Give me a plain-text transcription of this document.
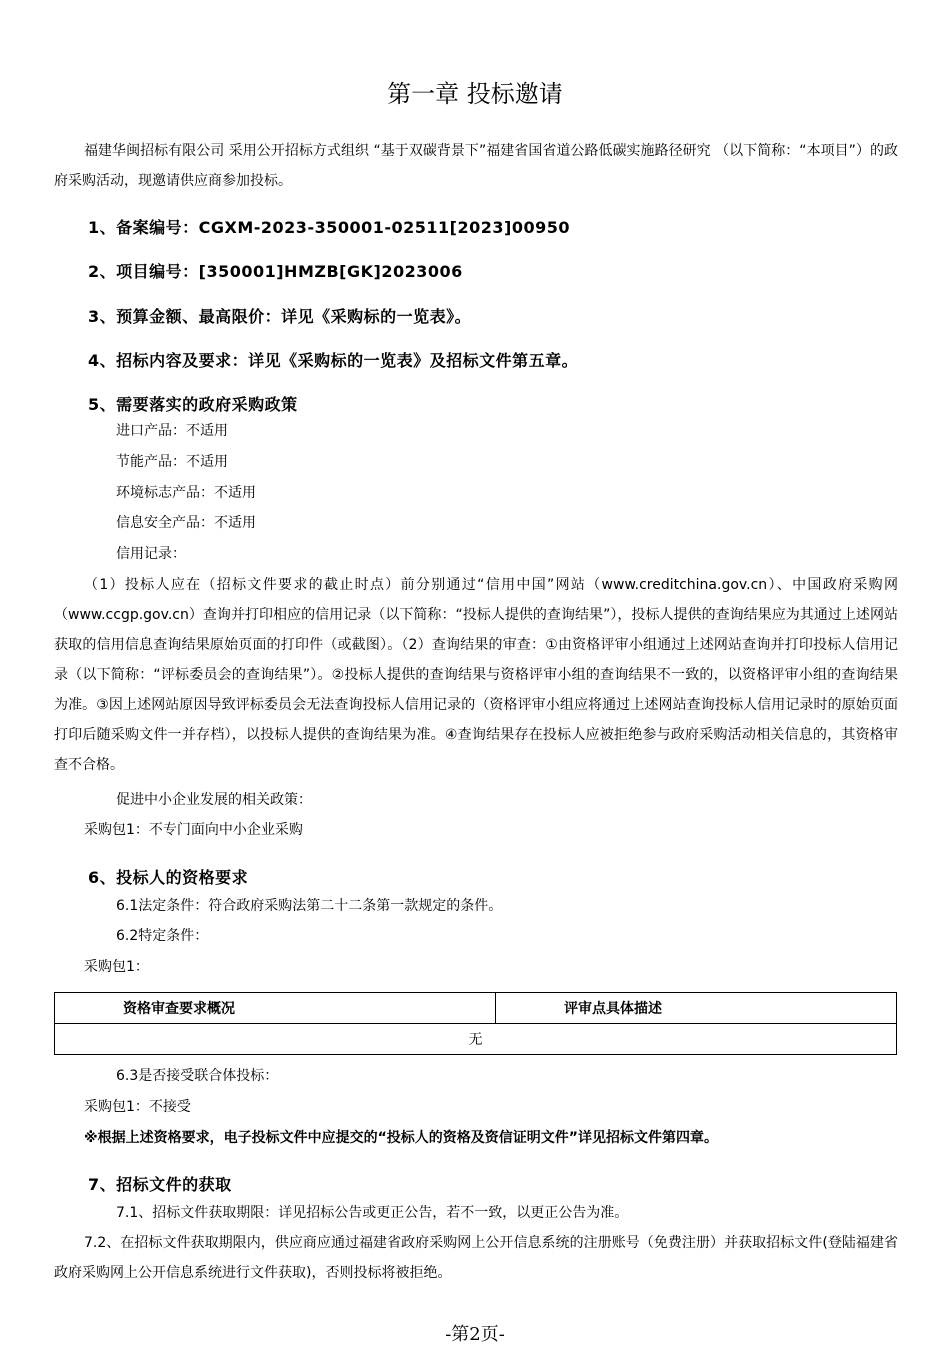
第一章 投标邀请
福建华闽招标有限公司 采用公开招标方式组织 “基于双碳背景下”福建省国省道公路低碳实施路径研究 （以下简称：“本项目”）的政府采购活动，现邀请供应商参加投标。
1、备案编号：CGXM-2023-350001-02511[2023]00950
2、项目编号：[350001]HMZB[GK]2023006
3、预算金额、最高限价：详见《采购标的一览表》。
4、招标内容及要求：详见《采购标的一览表》及招标文件第五章。
5、需要落实的政府采购政策
进口产品：不适用
节能产品：不适用
环境标志产品：不适用
信息安全产品：不适用
信用记录：
（1）投标人应在（招标文件要求的截止时点）前分别通过“信用中国”网站（www.creditchina.gov.cn）、中国政府采购网（www.ccgp.gov.cn）查询并打印相应的信用记录（以下简称：“投标人提供的查询结果”），投标人提供的查询结果应为其通过上述网站获取的信用信息查询结果原始页面的打印件（或截图）。（2）查询结果的审查：①由资格评审小组通过上述网站查询并打印投标人信用记录（以下简称：“评标委员会的查询结果”）。②投标人提供的查询结果与资格评审小组的查询结果不一致的，以资格评审小组的查询结果为准。③因上述网站原因导致评标委员会无法查询投标人信用记录的（资格评审小组应将通过上述网站查询投标人信用记录时的原始页面打印后随采购文件一并存档），以投标人提供的查询结果为准。④查询结果存在投标人应被拒绝参与政府采购活动相关信息的，其资格审查不合格。
促进中小企业发展的相关政策：
采购包1：不专门面向中小企业采购
6、投标人的资格要求
6.1法定条件：符合政府采购法第二十二条第一款规定的条件。
6.2特定条件：
采购包1：
资格审查要求概况	评审点具体描述
无
6.3是否接受联合体投标：
采购包1：不接受
※根据上述资格要求，电子投标文件中应提交的“投标人的资格及资信证明文件”详见招标文件第四章。
7、招标文件的获取
7.1、招标文件获取期限：详见招标公告或更正公告，若不一致，以更正公告为准。
7.2、在招标文件获取期限内，供应商应通过福建省政府采购网上公开信息系统的注册账号（免费注册）并获取招标文件(登陆福建省政府采购网上公开信息系统进行文件获取)，否则投标将被拒绝。
-第2页-
